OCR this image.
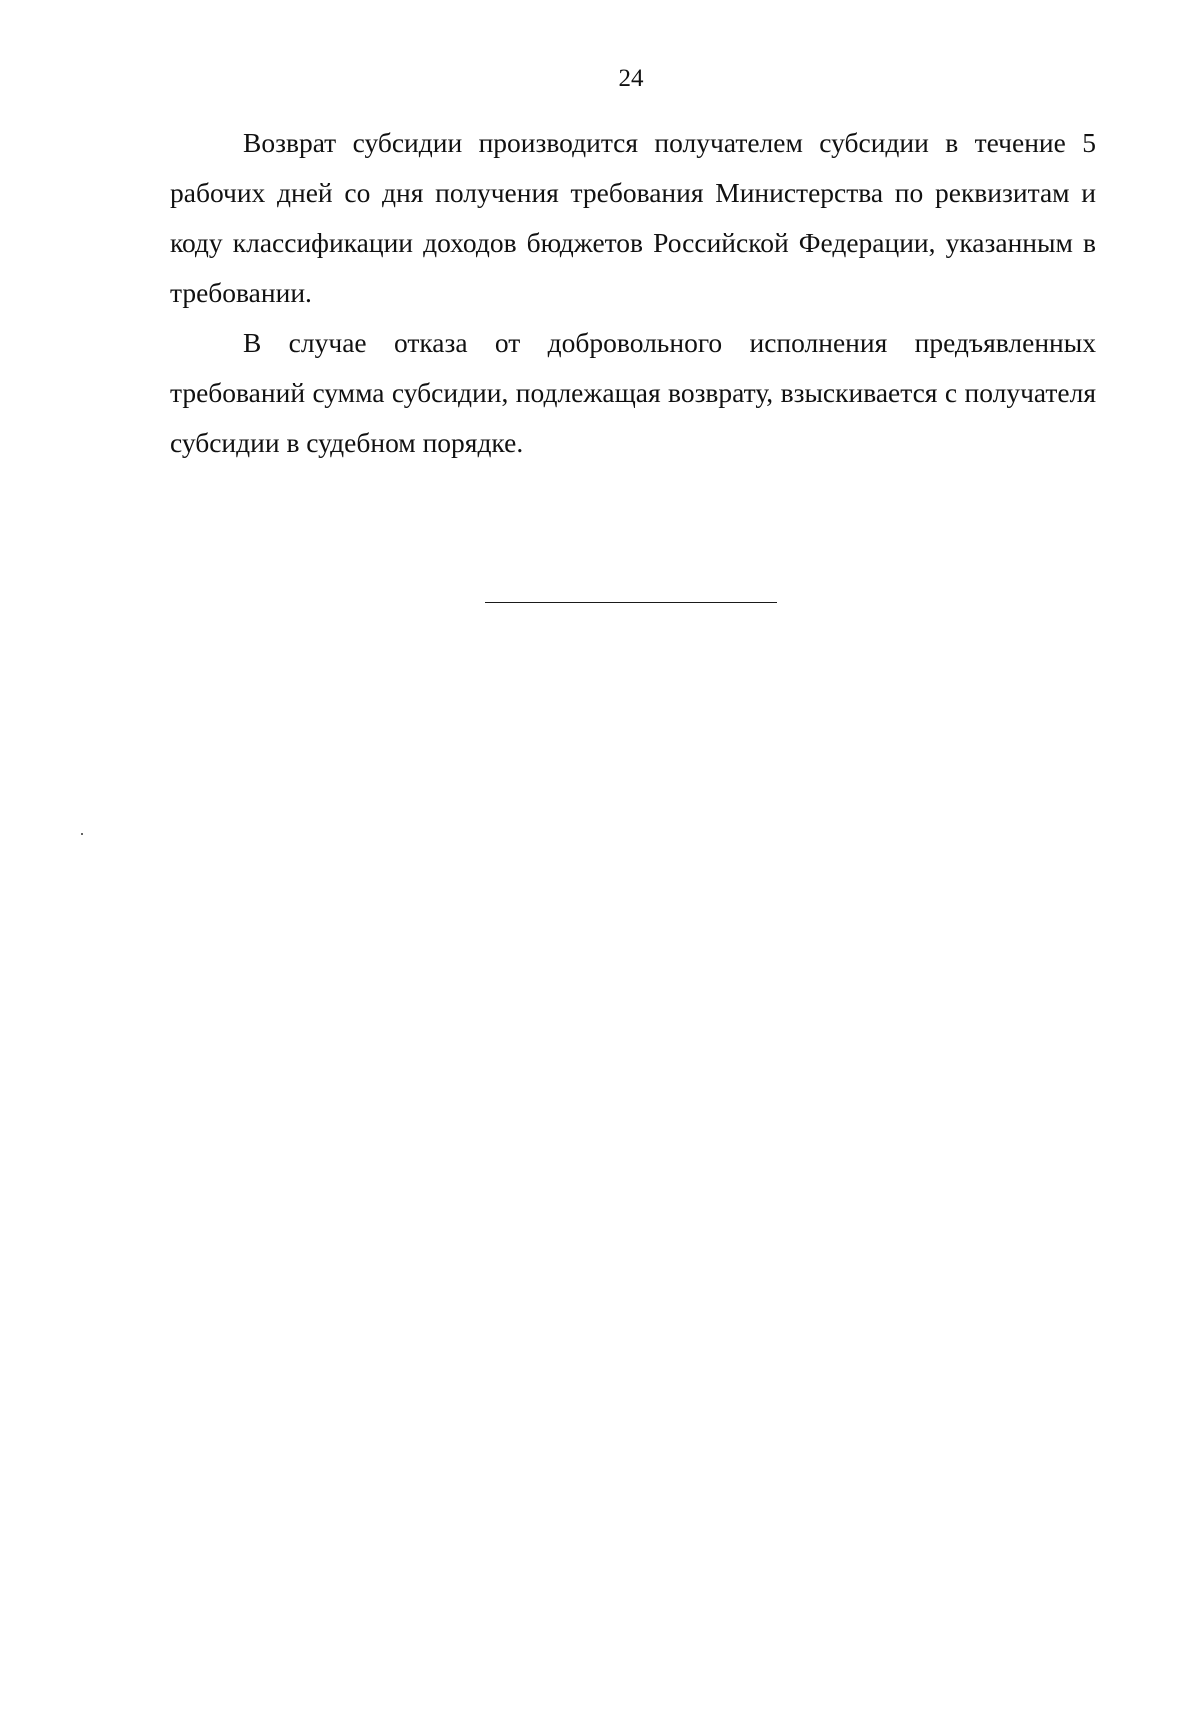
24

Возврат субсидии производится получателем субсидии в течение 5 рабочих дней со дня получения требования Министерства по реквизитам и коду классификации доходов бюджетов Российской Федерации, указанным в требовании.

В случае отказа от добровольного исполнения предъявленных требований сумма субсидии, подлежащая возврату, взыскивается с получателя субсидии в судебном порядке.
